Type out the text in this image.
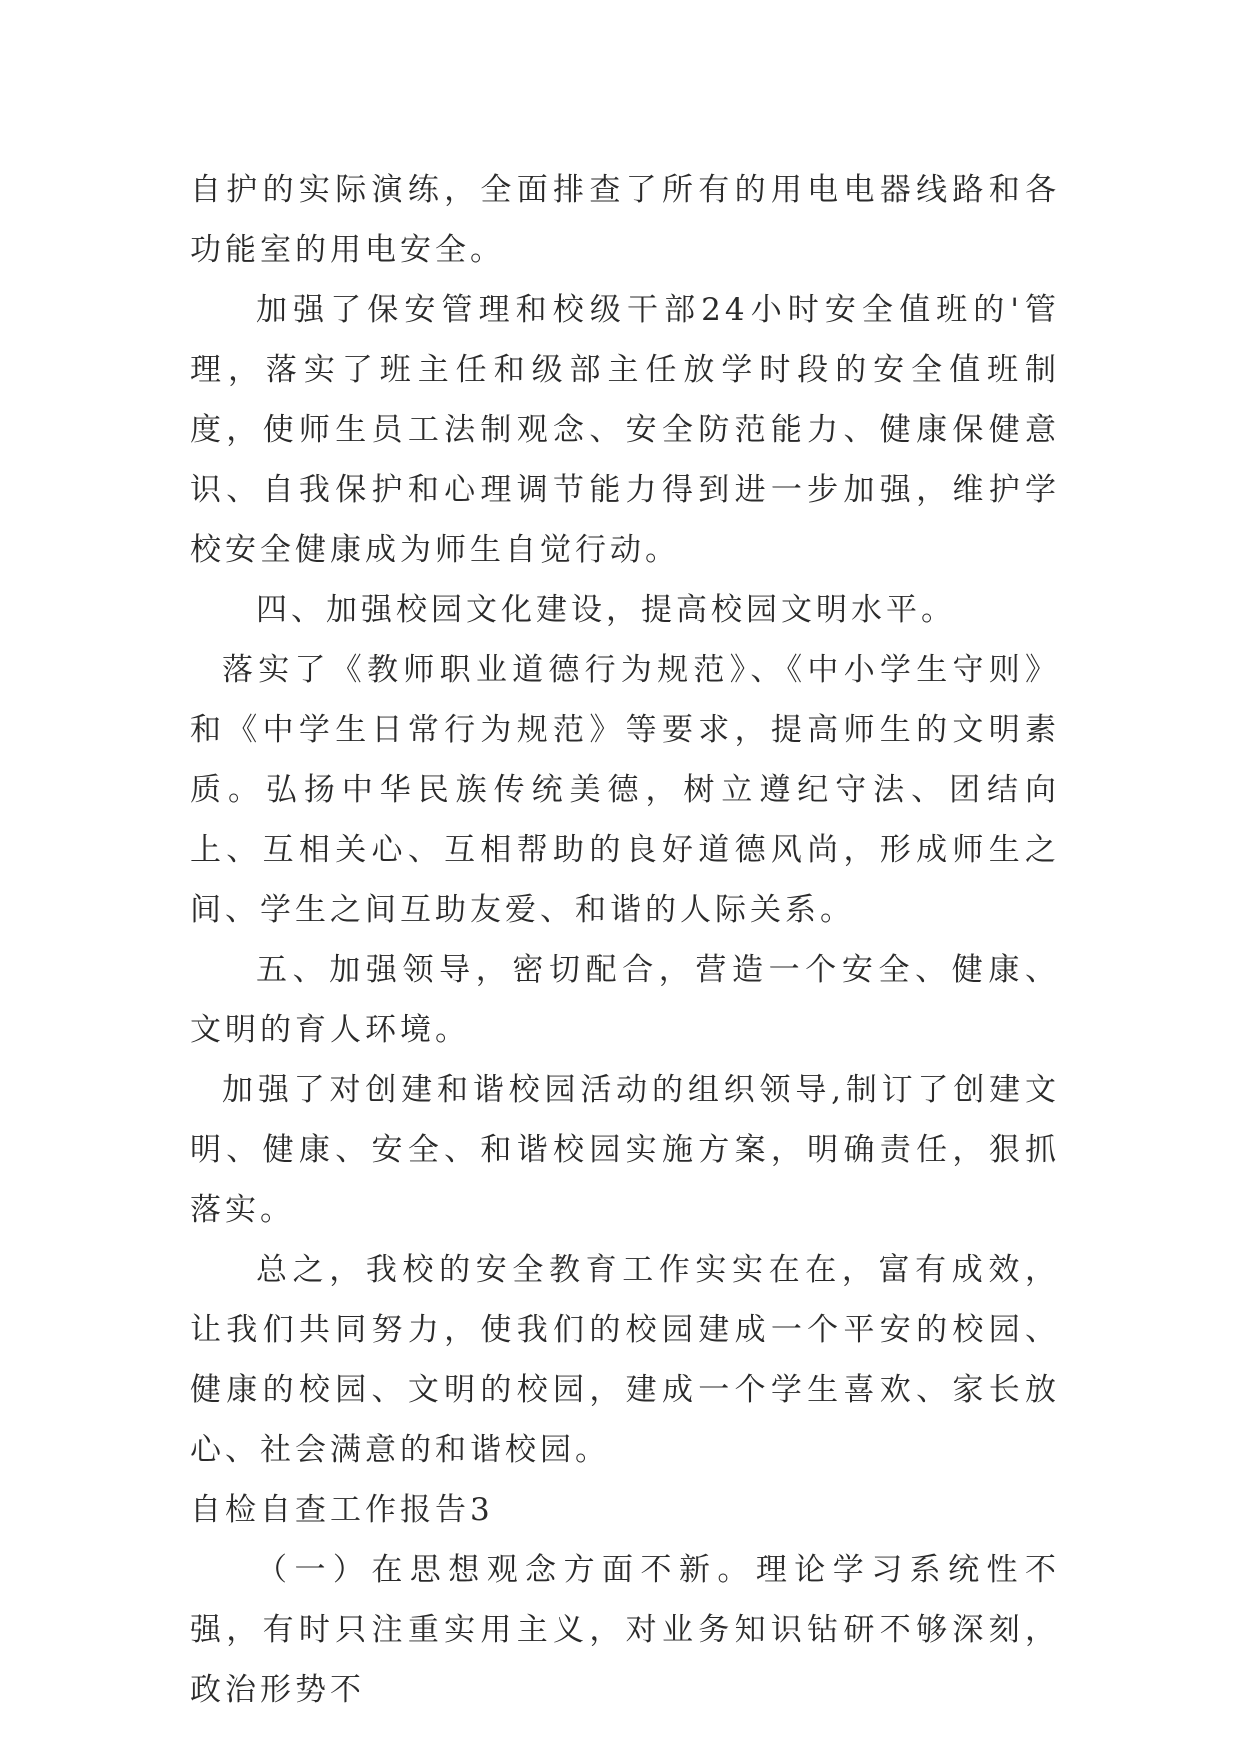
自护的实际演练，全面排查了所有的用电电器线路和各功能室的用电安全。

加强了保安管理和校级干部24小时安全值班的'管理，落实了班主任和级部主任放学时段的安全值班制度，使师生员工法制观念、安全防范能力、健康保健意识、自我保护和心理调节能力得到进一步加强，维护学校安全健康成为师生自觉行动。

四、加强校园文化建设，提高校园文明水平。

落实了《教师职业道德行为规范》、《中小学生守则》和《中学生日常行为规范》等要求，提高师生的文明素质。弘扬中华民族传统美德，树立遵纪守法、团结向上、互相关心、互相帮助的良好道德风尚，形成师生之间、学生之间互助友爱、和谐的人际关系。

五、加强领导，密切配合，营造一个安全、健康、文明的育人环境。

加强了对创建和谐校园活动的组织领导,制订了创建文明、健康、安全、和谐校园实施方案，明确责任，狠抓落实。

总之，我校的安全教育工作实实在在，富有成效，让我们共同努力，使我们的校园建成一个平安的校园、健康的校园、文明的校园，建成一个学生喜欢、家长放心、社会满意的和谐校园。

自检自查工作报告3

（一）在思想观念方面不新。理论学习系统性不强，有时只注重实用主义，对业务知识钻研不够深刻，政治形势不
